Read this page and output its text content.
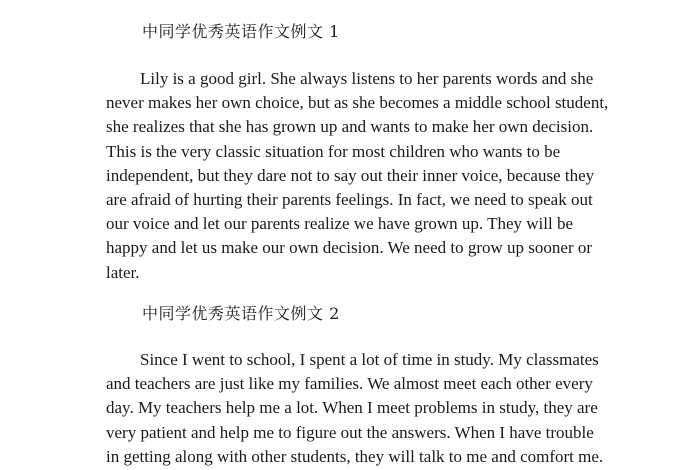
中同学优秀英语作文例文 1
Lily is a good girl. She always listens to her parents words and she
never makes her own choice, but as she becomes a middle school student,
she realizes that she has grown up and wants to make her own decision.
This is the very classic situation for most children who wants to be
independent, but they dare not to say out their inner voice, because they
are afraid of hurting their parents feelings. In fact, we need to speak out
our voice and let our parents realize we have grown up. They will be
happy and let us make our own decision. We need to grow up sooner or
later.
中同学优秀英语作文例文 2
Since I went to school, I spent a lot of time in study. My classmates
and teachers are just like my families. We almost meet each other every
day. My teachers help me a lot. When I meet problems in study, they are
very patient and help me to figure out the answers. When I have trouble
in getting along with other students, they will talk to me and comfort me.
